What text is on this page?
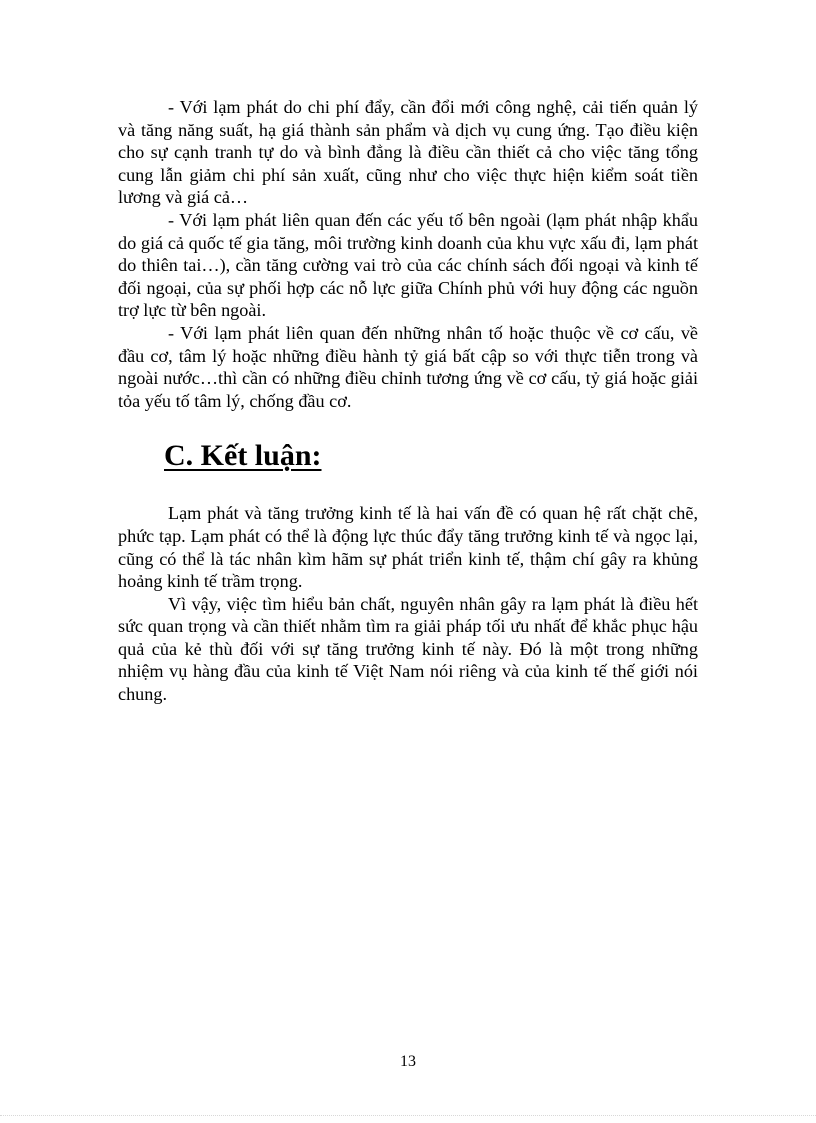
- Với lạm phát do chi phí đẩy, cần đổi mới công nghệ, cải tiến quản lý và tăng năng suất, hạ giá thành sản phẩm và dịch vụ cung ứng. Tạo điều kiện cho sự cạnh tranh tự do và bình đẳng là điều cần thiết cả cho việc tăng tổng cung lẫn giảm chi phí sản xuất, cũng như cho việc thực hiện kiểm soát tiền lương và giá cả…

- Với lạm phát liên quan đến các yếu tố bên ngoài (lạm phát nhập khẩu do giá cả quốc tế gia tăng, môi trường kinh doanh của khu vực xấu đi, lạm phát do thiên tai…), cần tăng cường vai trò của các chính sách đối ngoại và kinh tế đối ngoại, của sự phối hợp các nỗ lực giữa Chính phủ với huy động các nguồn trợ lực từ bên ngoài.

- Với lạm phát liên quan đến những nhân tố hoặc thuộc về cơ cấu, về đầu cơ, tâm lý hoặc những điều hành tỷ giá bất cập so với thực tiễn trong và ngoài nước…thì cần có những điều chỉnh tương ứng về cơ cấu, tỷ giá hoặc giải tỏa yếu tố tâm lý, chống đầu cơ.

C. Kết luận:

Lạm phát và tăng trưởng kinh tế là hai vấn đề có quan hệ rất chặt chẽ, phức tạp. Lạm phát có thể là động lực thúc đẩy tăng trưởng kinh tế và ngọc lại, cũng có thể là tác nhân kìm hãm sự phát triển kinh tế, thậm chí gây ra khủng hoảng kinh tế trầm trọng.

Vì vậy, việc tìm hiểu bản chất, nguyên nhân gây ra lạm phát là điều hết sức quan trọng và cần thiết nhằm tìm ra giải pháp tối ưu nhất để khắc phục hậu quả của kẻ thù đối với sự tăng trưởng kinh tế này. Đó là một trong những nhiệm vụ hàng đầu của kinh tế Việt Nam nói riêng và của kinh tế thế giới nói chung.

13
